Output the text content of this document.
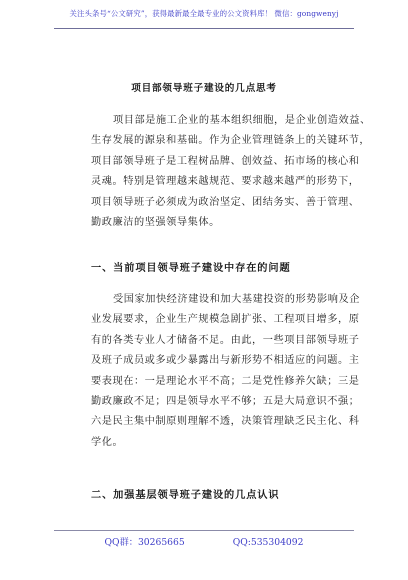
关注头条号“公文研究”，获得最新最全最专业的公文资料库！ 微信：gongwenyj
项目部领导班子建设的几点思考
项目部是施工企业的基本组织细胞，是企业创造效益、
生存发展的源泉和基础。作为企业管理链条上的关键环节，
项目部领导班子是工程树品牌、创效益、拓市场的核心和
灵魂。特别是管理越来越规范、要求越来越严的形势下，
项目领导班子必须成为政治坚定、团结务实、善于管理、
勤政廉洁的坚强领导集体。
一、当前项目领导班子建设中存在的问题
受国家加快经济建设和加大基建投资的形势影响及企
业发展要求，企业生产规模急剧扩张、工程项目增多，原
有的各类专业人才储备不足。由此，一些项目部领导班子
及班子成员或多或少暴露出与新形势不相适应的问题。主
要表现在：一是理论水平不高；二是党性修养欠缺；三是
勤政廉政不足；四是领导水平不够；五是大局意识不强；
六是民主集中制原则理解不透，决策管理缺乏民主化、科
学化。
二、加强基层领导班子建设的几点认识
QQ群：30265665	QQ:535304092
